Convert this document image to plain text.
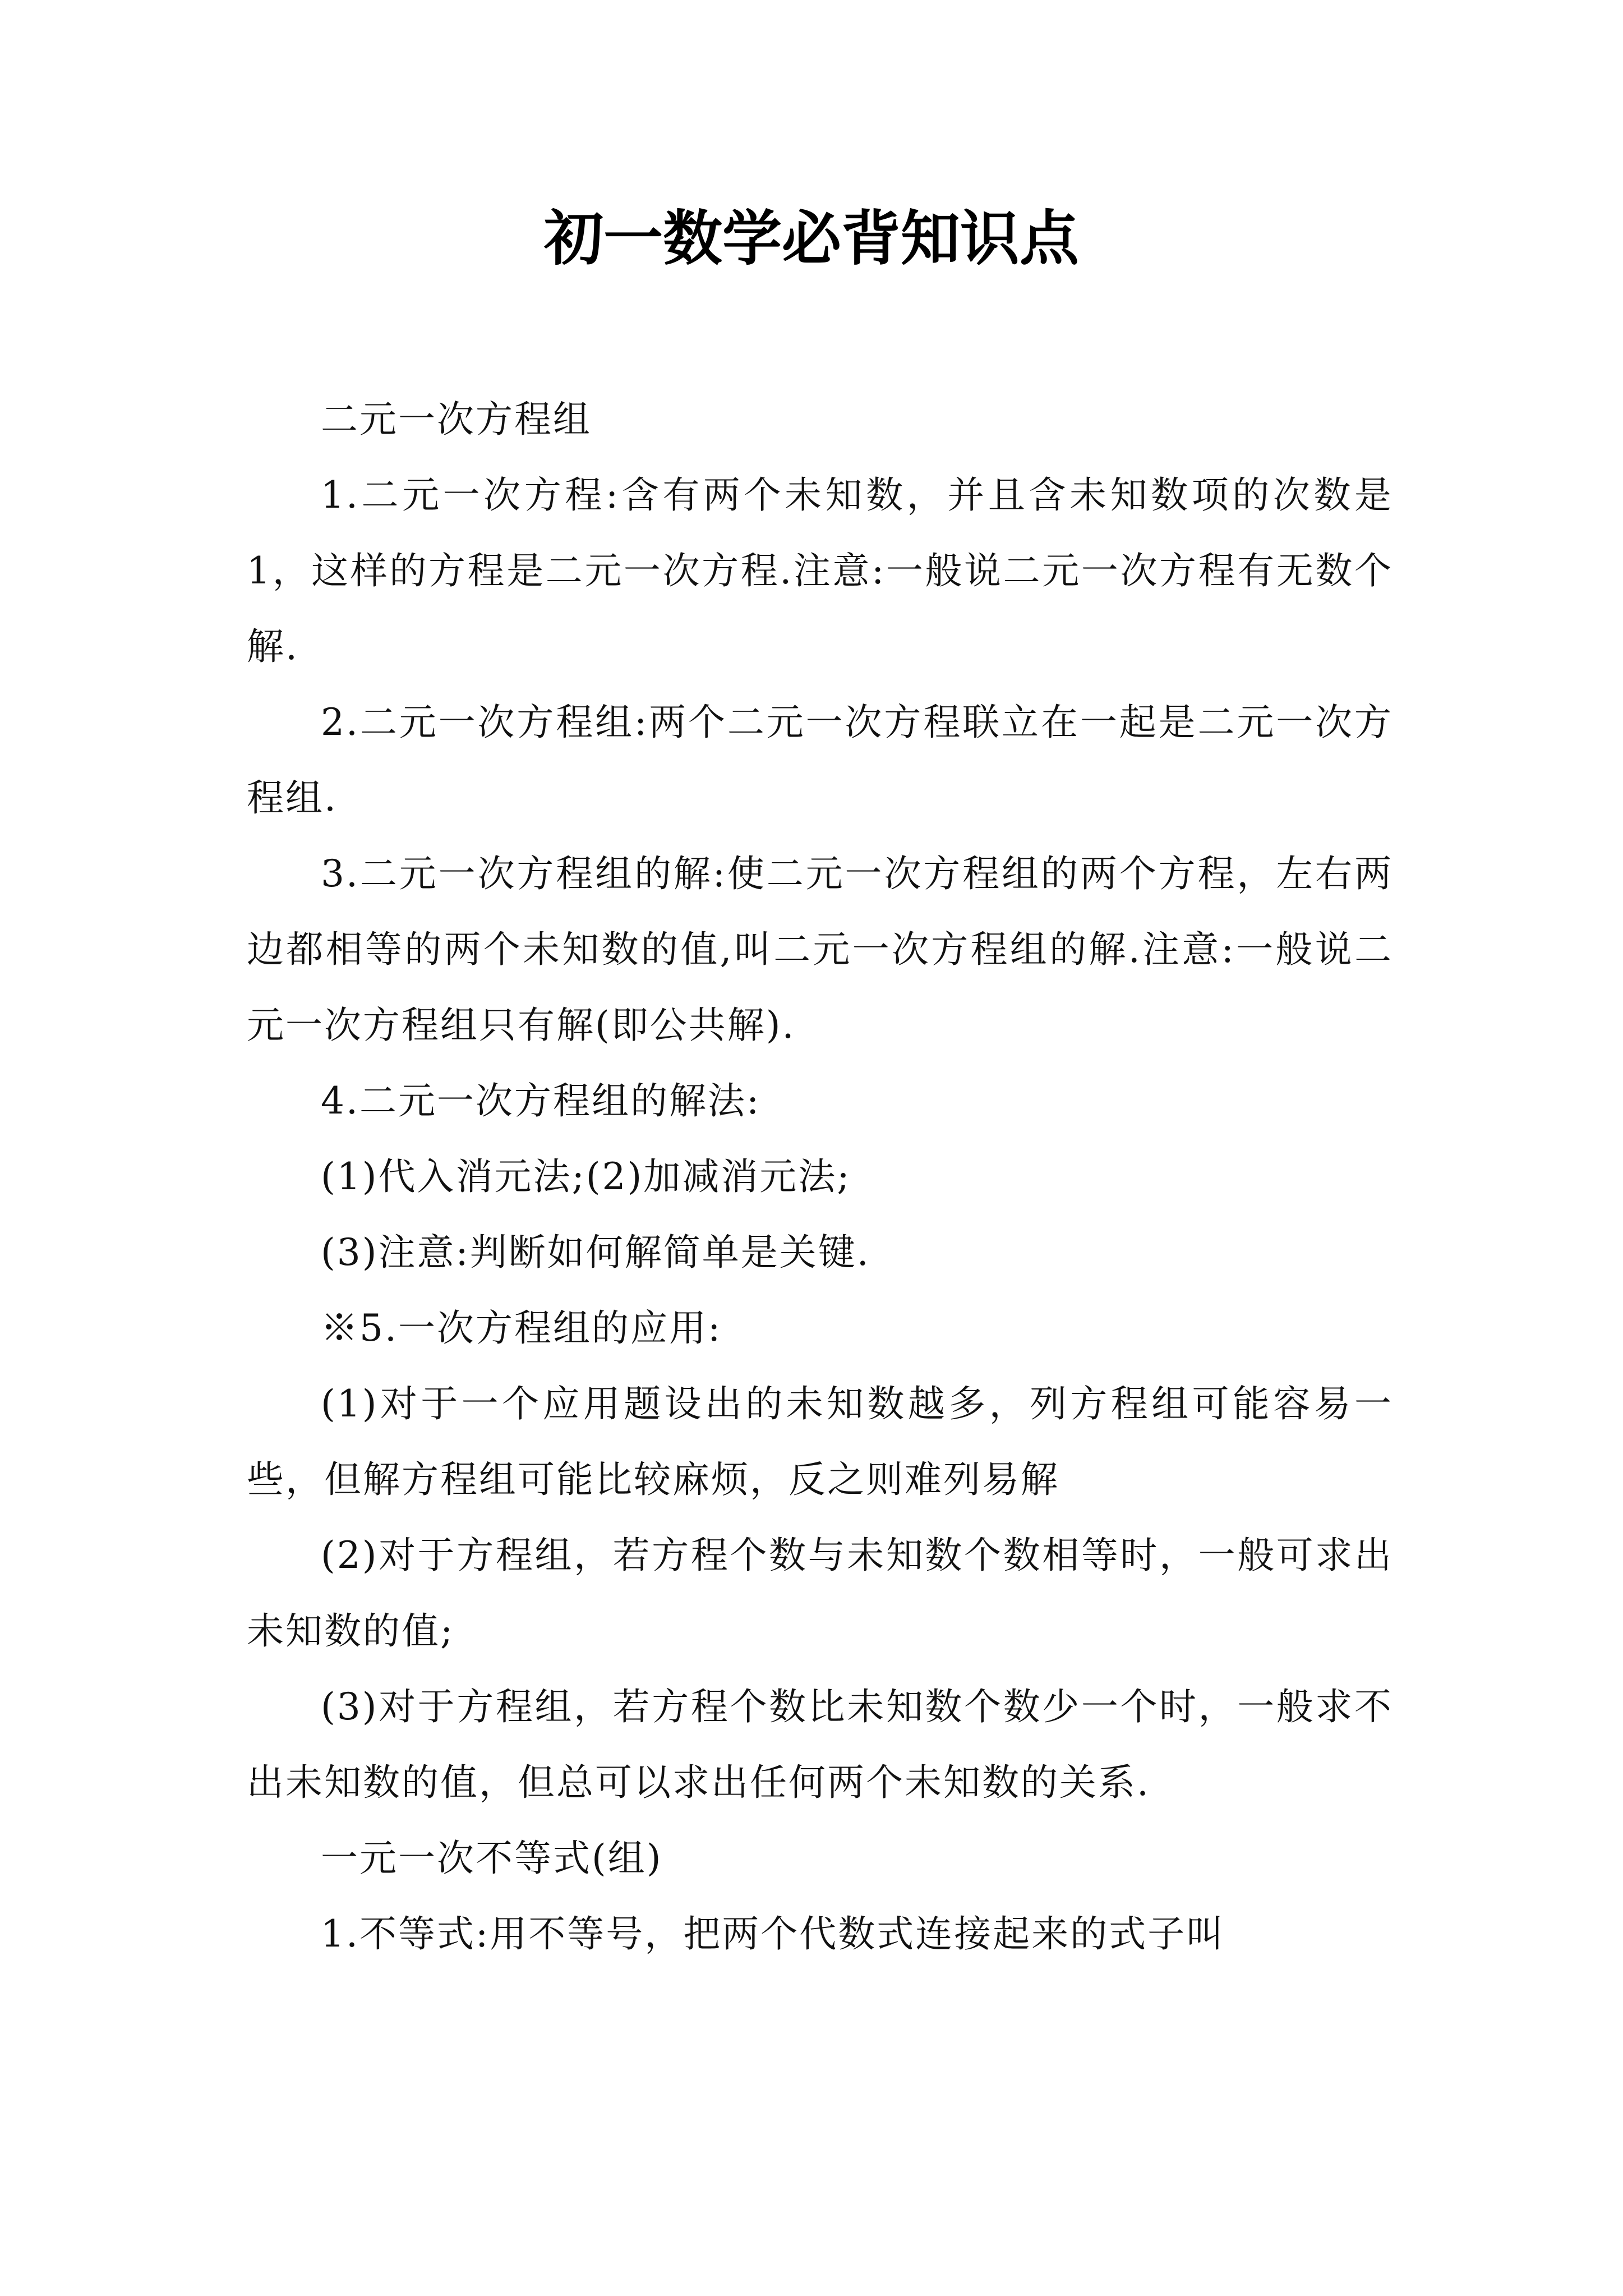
初一数学必背知识点

二元一次方程组

1.二元一次方程:含有两个未知数，并且含未知数项的次数是1，这样的方程是二元一次方程.注意:一般说二元一次方程有无数个解.

2.二元一次方程组:两个二元一次方程联立在一起是二元一次方程组.

3.二元一次方程组的解:使二元一次方程组的两个方程，左右两边都相等的两个未知数的值,叫二元一次方程组的解.注意:一般说二元一次方程组只有解(即公共解).

4.二元一次方程组的解法:

(1)代入消元法;(2)加减消元法;

(3)注意:判断如何解简单是关键.

※5.一次方程组的应用:

(1)对于一个应用题设出的未知数越多，列方程组可能容易一些，但解方程组可能比较麻烦，反之则难列易解

(2)对于方程组，若方程个数与未知数个数相等时，一般可求出未知数的值;

(3)对于方程组，若方程个数比未知数个数少一个时，一般求不出未知数的值，但总可以求出任何两个未知数的关系.

一元一次不等式(组)

1.不等式:用不等号，把两个代数式连接起来的式子叫
